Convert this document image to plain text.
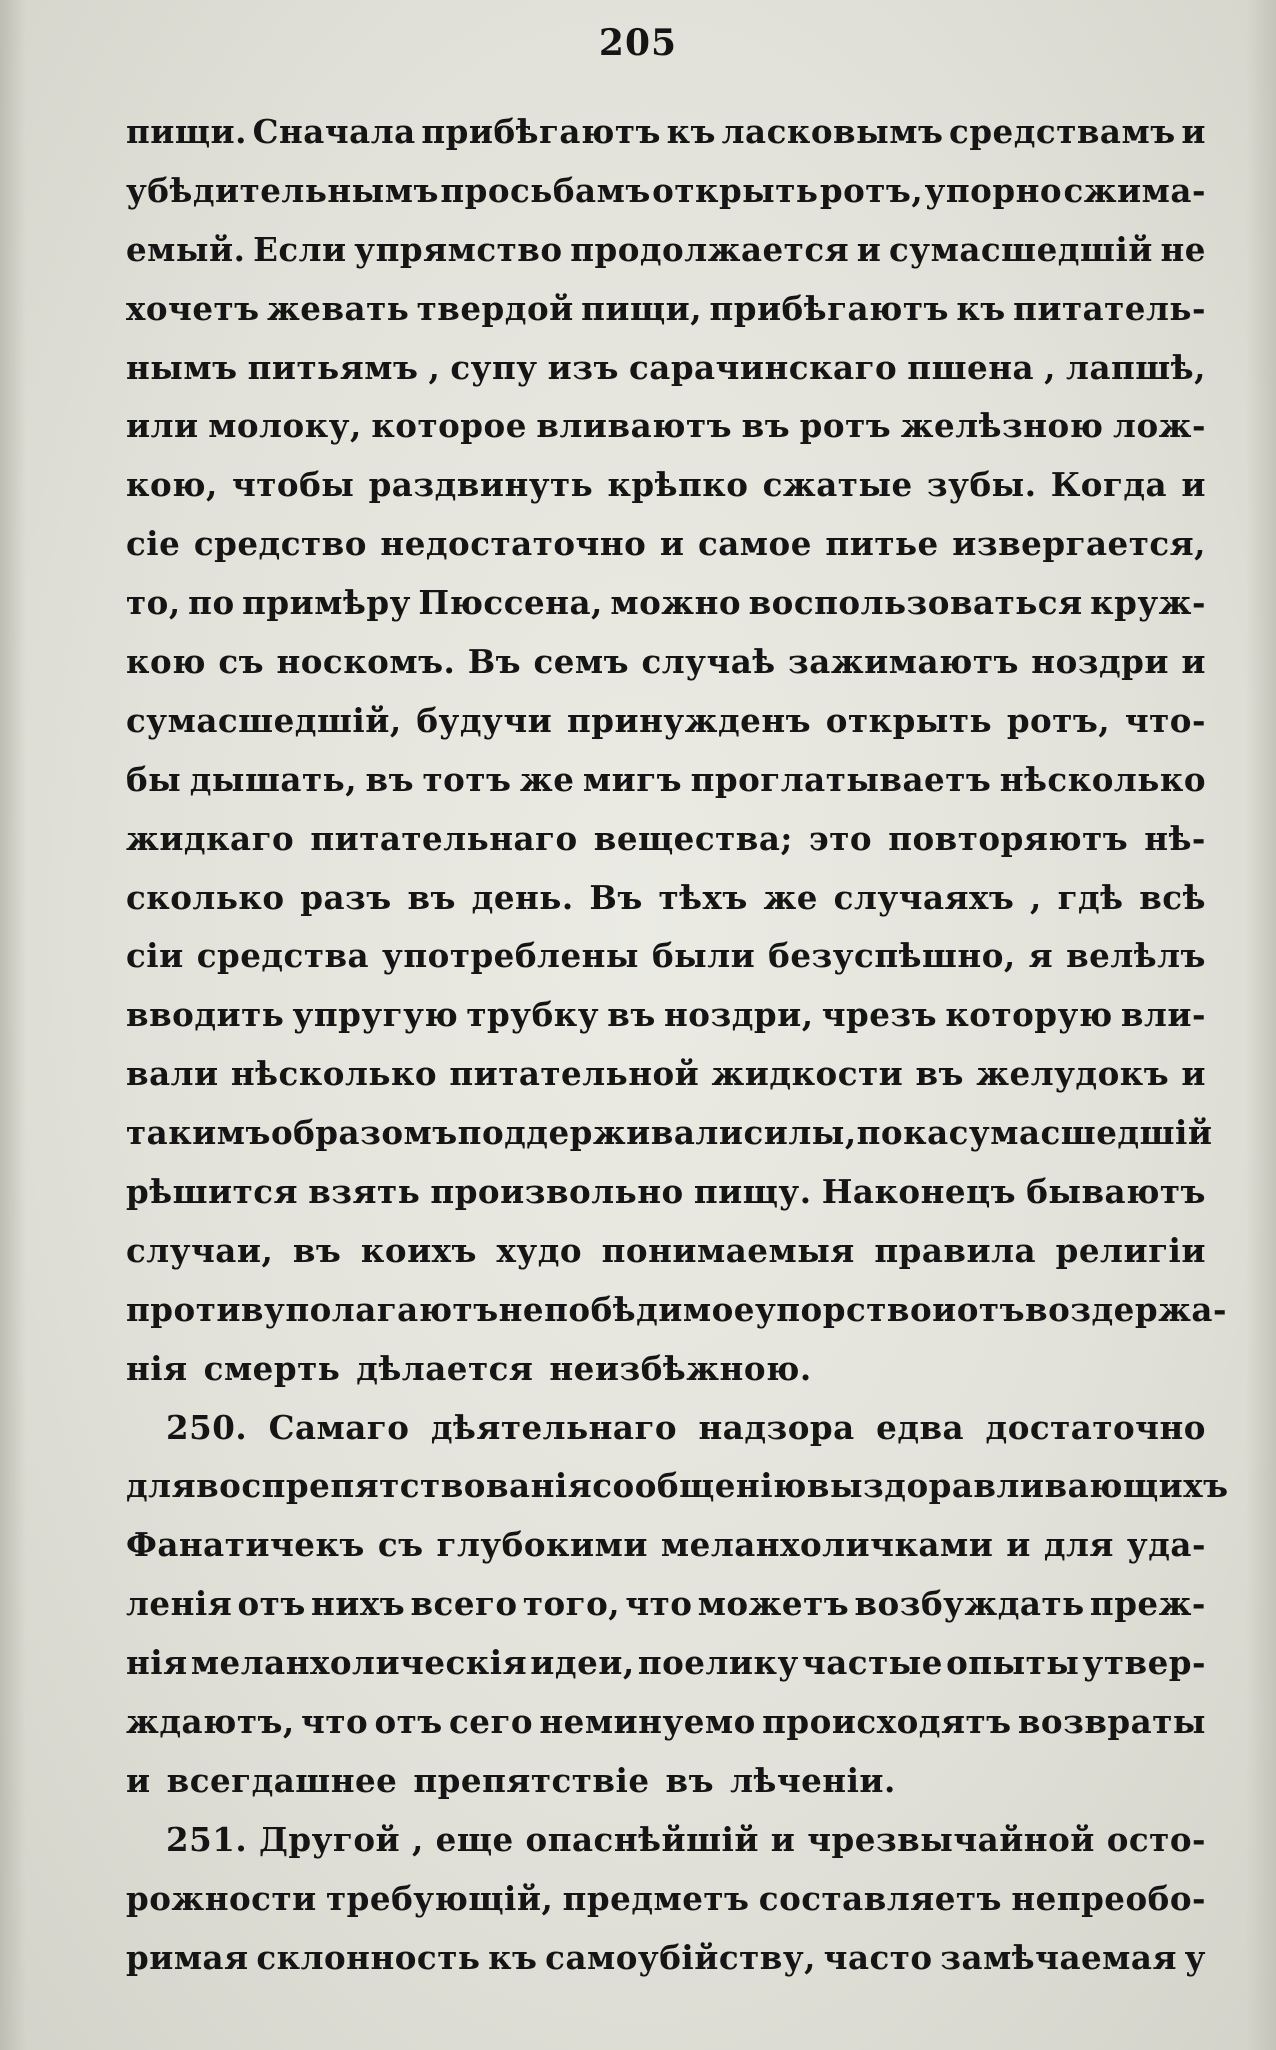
205
пищи. Сначала прибѣгаютъ къ ласковымъ средствамъ и
убѣдительнымъ просьбамъ открыть ротъ, упорно сжима-
емый. Если упрямство продолжается и сумасшедшій не
хочетъ жевать твердой пищи, прибѣгаютъ къ питатель-
нымъ питьямъ , супу изъ сарачинскаго пшена , лапшѣ,
или молоку, которое вливаютъ въ ротъ желѣзною лож-
кою, чтобы раздвинуть крѣпко сжатые зубы. Когда и
сіе средство недостаточно и самое питье извергается,
то, по примѣру Пюссена, можно воспользоваться круж-
кою съ носкомъ. Въ семъ случаѣ зажимаютъ ноздри и
сумасшедшій, будучи принужденъ открыть ротъ, что-
бы дышать, въ тотъ же мигъ проглатываетъ нѣсколько
жидкаго питательнаго вещества; это повторяютъ нѣ-
сколько разъ въ день. Въ тѣхъ же случаяхъ , гдѣ всѣ
сіи средства употреблены были безуспѣшно, я велѣлъ
вводить упругую трубку въ ноздри, чрезъ которую вли-
вали нѣсколько питательной жидкости въ желудокъ и
такимъ образомъ поддерживали силы, пока сумасшедшій
рѣшится взять произвольно пищу. Наконецъ бываютъ
случаи, въ коихъ худо понимаемыя правила религіи
противуполагаютъ непобѣдимое упорство и отъ воздержа-
нія смерть дѣлается неизбѣжною.
250. Самаго дѣятельнаго надзора едва достаточно
для воспрепятствованія сообщенію выздоравливающихъ
Фанатичекъ съ глубокими меланхоличками и для уда-
ленія отъ нихъ всего того, что можетъ возбуждать преж-
нія меланхолическія идеи, поелику частые опыты утвер-
ждаютъ, что отъ сего неминуемо происходятъ возвраты
и всегдашнее препятствіе въ лѣченіи.
251. Другой , еще опаснѣйшій и чрезвычайной осто-
рожности требующій, предметъ составляетъ непреобо-
римая склонность къ самоубійству, часто замѣчаемая у
